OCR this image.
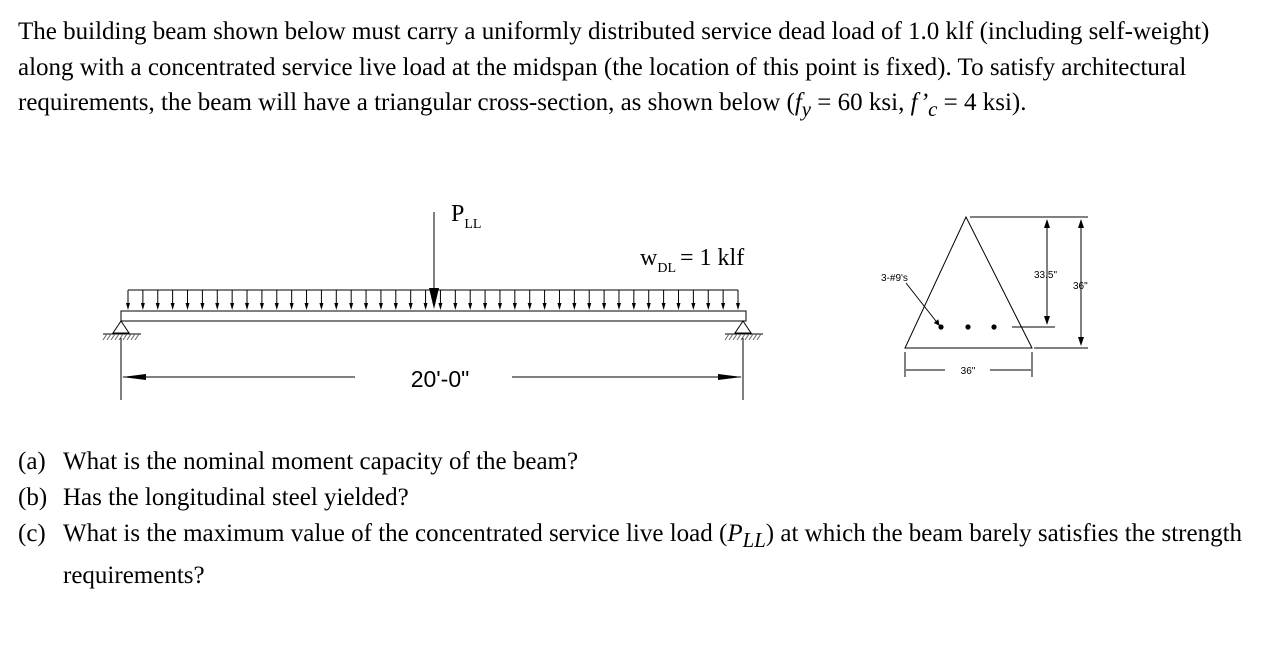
The building beam shown below must carry a uniformly distributed service dead load of 1.0 klf (including self-weight) along with a concentrated service live load at the midspan (the location of this point is fixed). To satisfy architectural requirements, the beam will have a triangular cross-section, as shown below ($f_y = 60$ ksi, $f’_c = 4$ ksi).

$P_{LL}$
$w_{DL} = 1$ klf
20'-0"
3-#9's	33.5"
36"
36"
(a) What is the nominal moment capacity of the beam?
(b) Has the longitudinal steel yielded?
(c) What is the maximum value of the concentrated service live load $(P_{LL})$ at which the beam barely satisfies the strength requirements?
